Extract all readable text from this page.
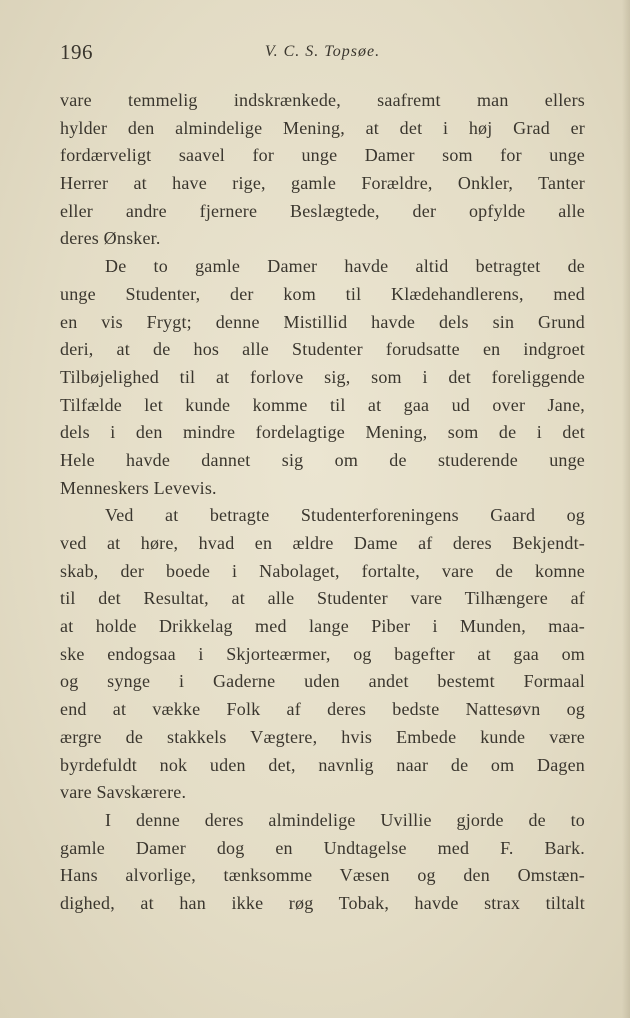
196	V. C. S. Topsøe.
vare temmelig indskrænkede, saafremt man ellers
hylder den almindelige Mening, at det i høj Grad er
fordærveligt saavel for unge Damer som for unge
Herrer at have rige, gamle Forældre, Onkler, Tanter
eller andre fjernere Beslægtede, der opfylde alle
deres Ønsker.
De to gamle Damer havde altid betragtet de
unge Studenter, der kom til Klædehandlerens, med
en vis Frygt; denne Mistillid havde dels sin Grund
deri, at de hos alle Studenter forudsatte en indgroet
Tilbøjelighed til at forlove sig, som i det foreliggende
Tilfælde let kunde komme til at gaa ud over Jane,
dels i den mindre fordelagtige Mening, som de i det
Hele havde dannet sig om de studerende unge
Menneskers Levevis.
Ved at betragte Studenterforeningens Gaard og
ved at høre, hvad en ældre Dame af deres Bekjendt-
skab, der boede i Nabolaget, fortalte, vare de komne
til det Resultat, at alle Studenter vare Tilhængere af
at holde Drikkelag med lange Piber i Munden, maa-
ske endogsaa i Skjorteærmer, og bagefter at gaa om
og synge i Gaderne uden andet bestemt Formaal
end at vække Folk af deres bedste Nattesøvn og
ærgre de stakkels Vægtere, hvis Embede kunde være
byrdefuldt nok uden det, navnlig naar de om Dagen
vare Savskærere.
I denne deres almindelige Uvillie gjorde de to
gamle Damer dog en Undtagelse med F. Bark.
Hans alvorlige, tænksomme Væsen og den Omstæn-
dighed, at han ikke røg Tobak, havde strax tiltalt
